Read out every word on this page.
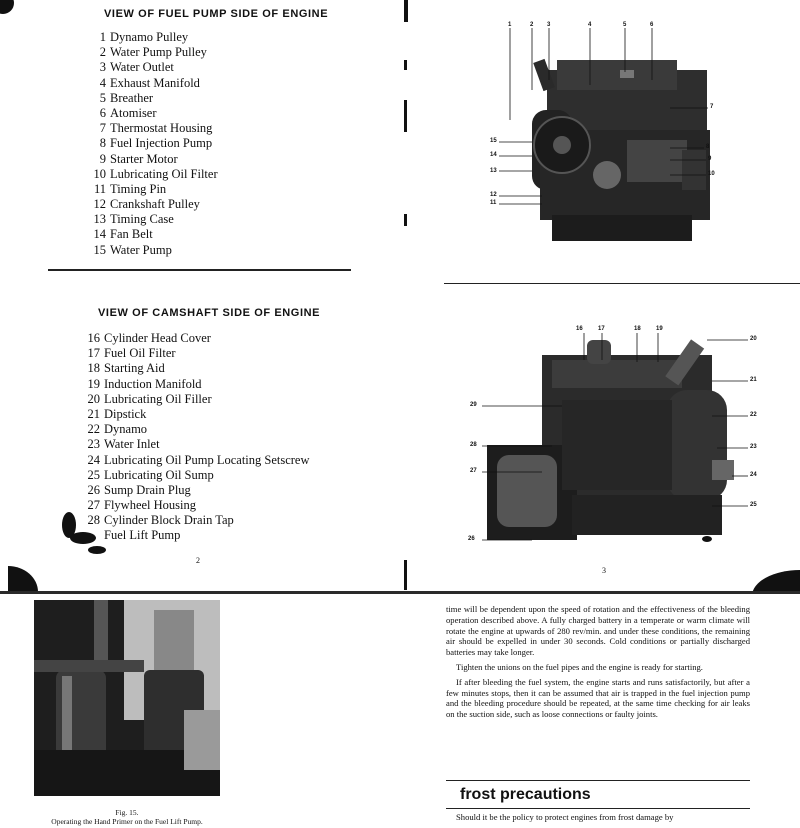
VIEW OF FUEL PUMP SIDE OF ENGINE
1 Dynamo Pulley
2 Water Pump Pulley
3 Water Outlet
4 Exhaust Manifold
5 Breather
6 Atomiser
7 Thermostat Housing
8 Fuel Injection Pump
9 Starter Motor
10 Lubricating Oil Filter
11 Timing Pin
12 Crankshaft Pulley
13 Timing Case
14 Fan Belt
15 Water Pump
VIEW OF CAMSHAFT SIDE OF ENGINE
16 Cylinder Head Cover
17 Fuel Oil Filter
18 Starting Aid
19 Induction Manifold
20 Lubricating Oil Filler
21 Dipstick
22 Dynamo
23 Water Inlet
24 Lubricating Oil Pump Locating Setscrew
25 Lubricating Oil Sump
26 Sump Drain Plug
27 Flywheel Housing
28 Cylinder Block Drain Tap
Fuel Lift Pump
2
1	2 3	4	5	6
7
8
9
10
11
12
13
14
15
16	17	18	19
20
21
22
23
24
25
26
27
28
29
3
Fig. 15.
Operating the Hand Primer on the Fuel Lift Pump.

time will be dependent upon the speed of rotation and the effectiveness of the bleeding operation described above. A fully charged battery in a temperate or warm climate will rotate the engine at upwards of 280 rev/min. and under these conditions, the remaining air should be expelled in under 30 seconds. Cold conditions or partially discharged batteries may take longer.

Tighten the unions on the fuel pipes and the engine is ready for starting.

If after bleeding the fuel system, the engine starts and runs satisfactorily, but after a few minutes stops, then it can be assumed that air is trapped in the fuel injection pump and the bleeding procedure should be repeated, at the same time checking for air leaks on the suction side, such as loose connections or faulty joints.

frost precautions

Should it be the policy to protect engines from frost damage by
